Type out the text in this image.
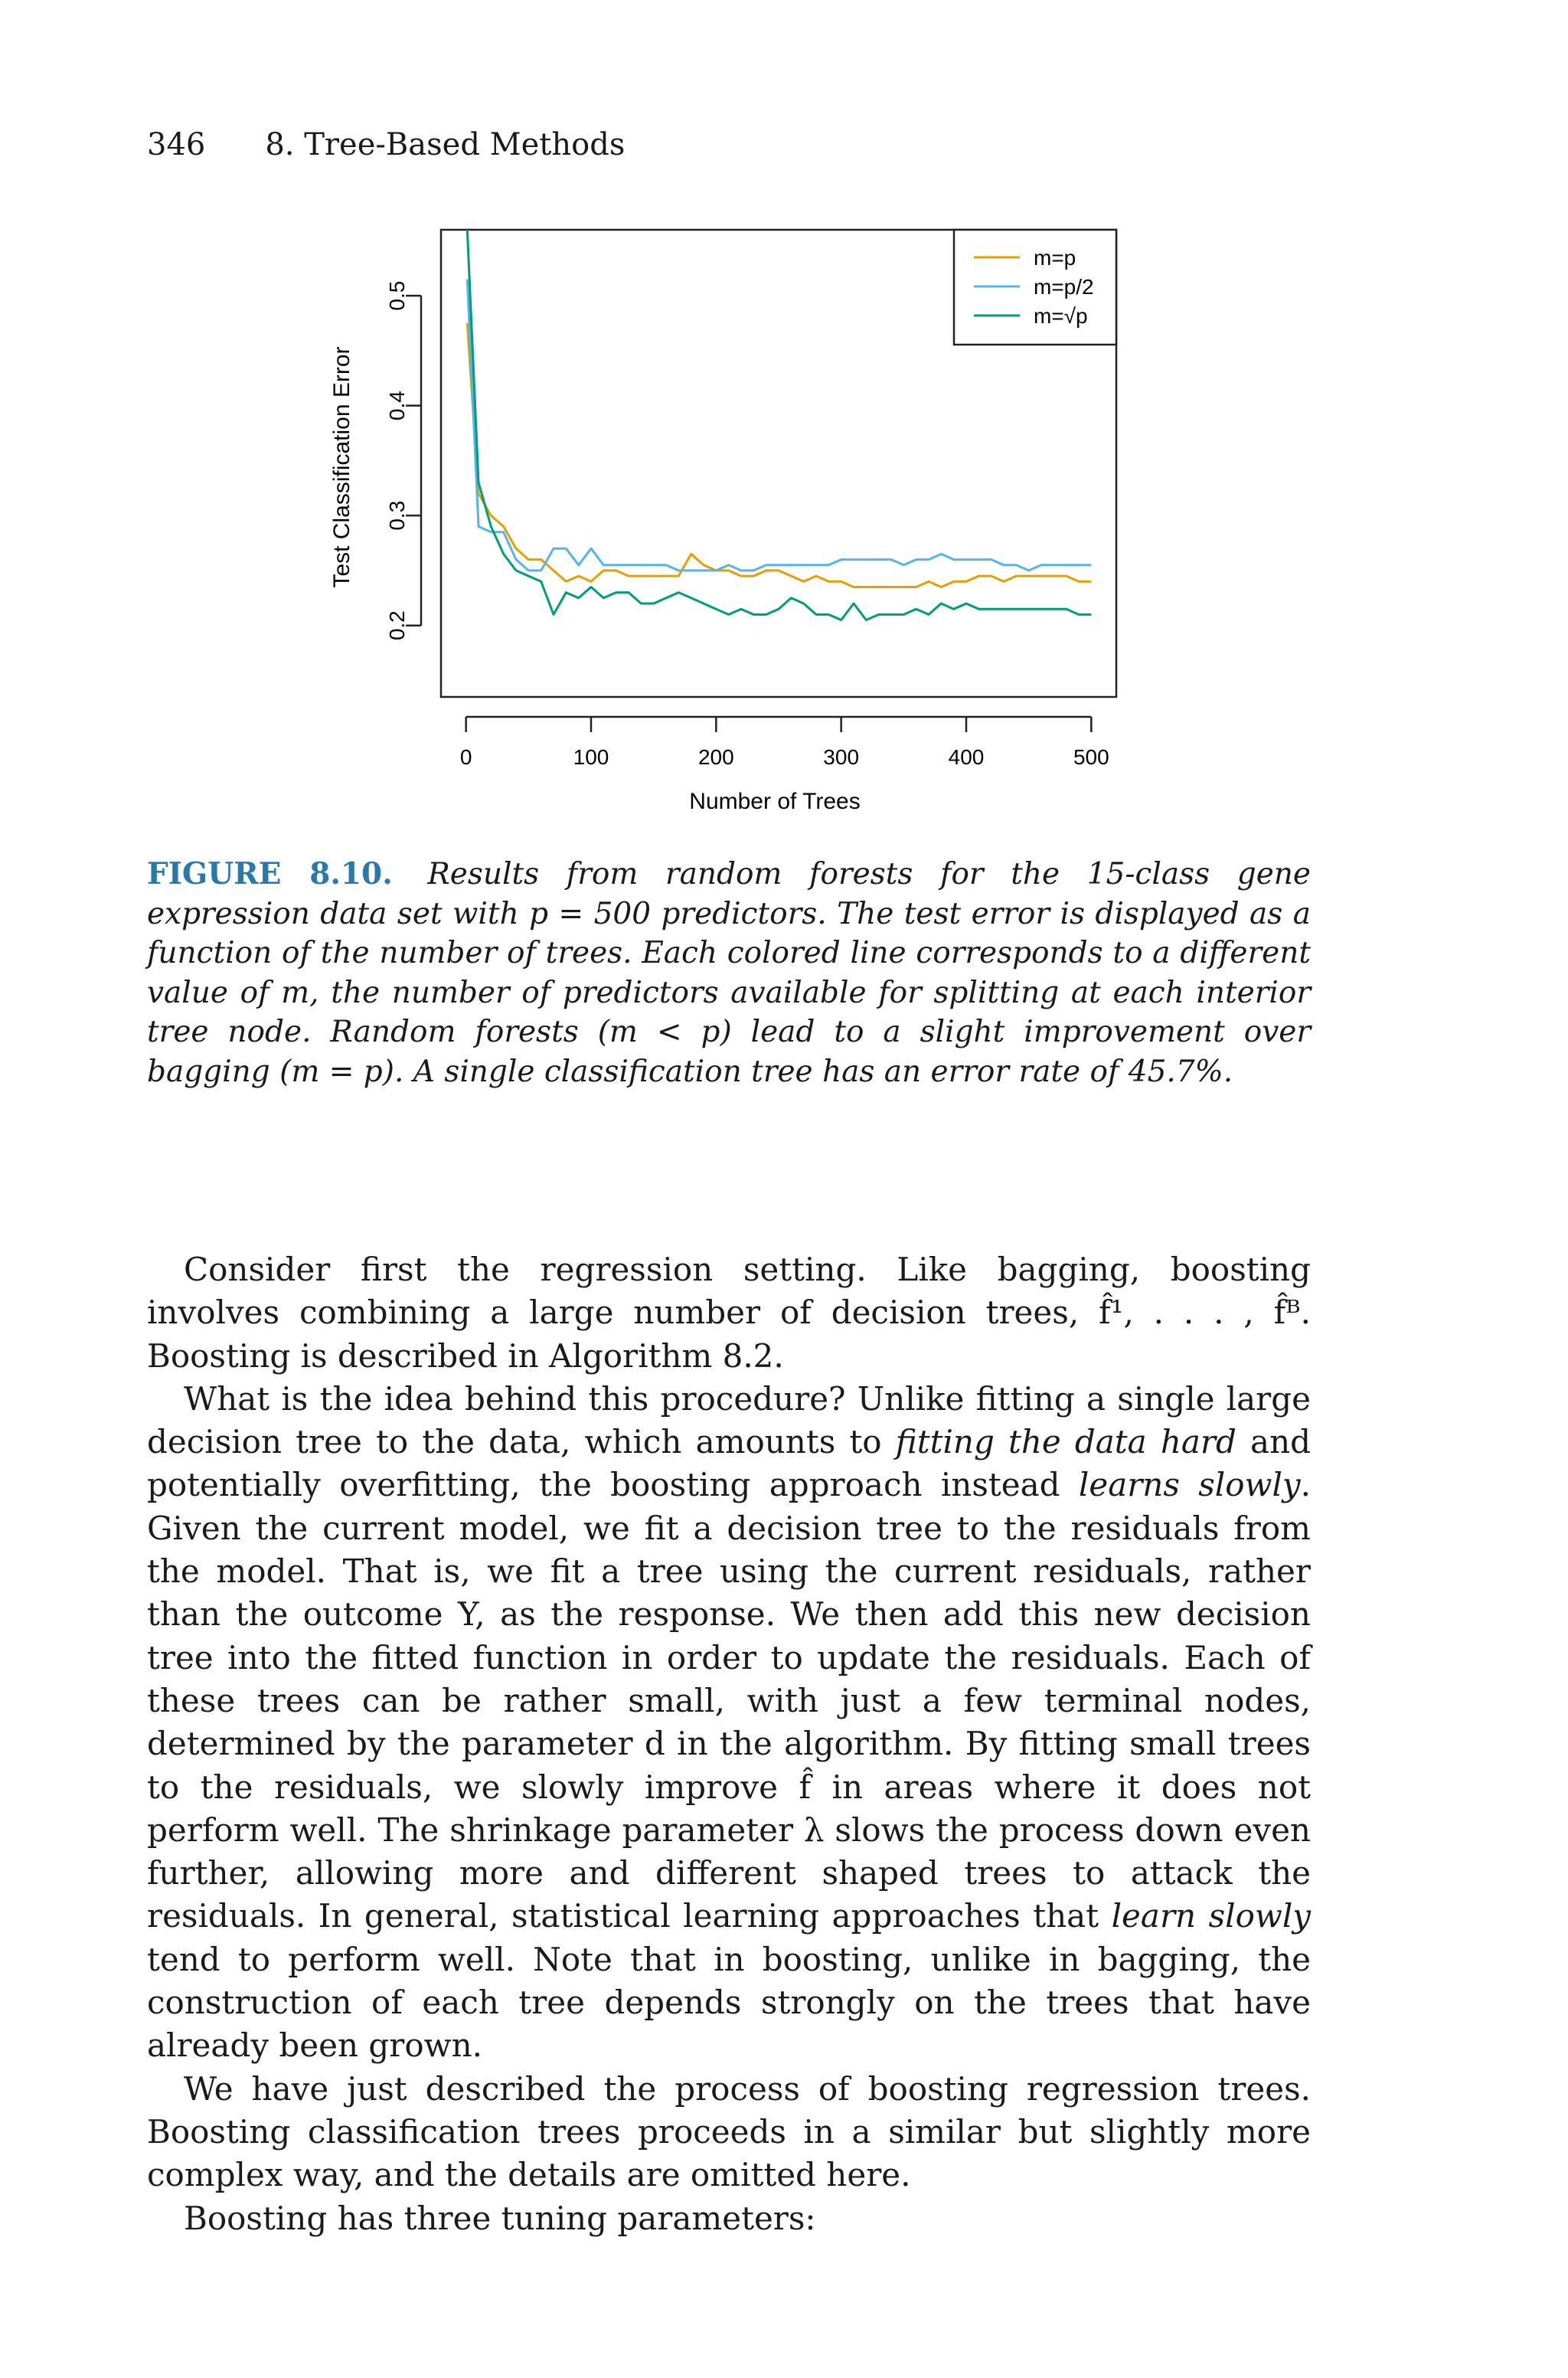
346 8. Tree-Based Methods
0.2
0.3
0.4
0.5
0	100	200	300	400	500
Number of Trees
Test Classification Error
m=p
m=p/2
m=√p
FIGURE 8.10. Results from random forests for the 15-class gene expression data set with p = 500 predictors. The test error is displayed as a function of the number of trees. Each colored line corresponds to a different value of m, the number of predictors available for splitting at each interior tree node. Random forests (m < p) lead to a slight improvement over bagging (m = p). A single classification tree has an error rate of 45.7%.

Consider first the regression setting. Like bagging, boosting involves combining a large number of decision trees, f̂¹, . . . , f̂ᴮ. Boosting is described in Algorithm 8.2.

What is the idea behind this procedure? Unlike fitting a single large decision tree to the data, which amounts to fitting the data hard and potentially overfitting, the boosting approach instead learns slowly. Given the current model, we fit a decision tree to the residuals from the model. That is, we fit a tree using the current residuals, rather than the outcome Y, as the response. We then add this new decision tree into the fitted function in order to update the residuals. Each of these trees can be rather small, with just a few terminal nodes, determined by the parameter d in the algorithm. By fitting small trees to the residuals, we slowly improve f̂ in areas where it does not perform well. The shrinkage parameter λ slows the process down even further, allowing more and different shaped trees to attack the residuals. In general, statistical learning approaches that learn slowly tend to perform well. Note that in boosting, unlike in bagging, the construction of each tree depends strongly on the trees that have already been grown.

We have just described the process of boosting regression trees. Boosting classification trees proceeds in a similar but slightly more complex way, and the details are omitted here.

Boosting has three tuning parameters:
